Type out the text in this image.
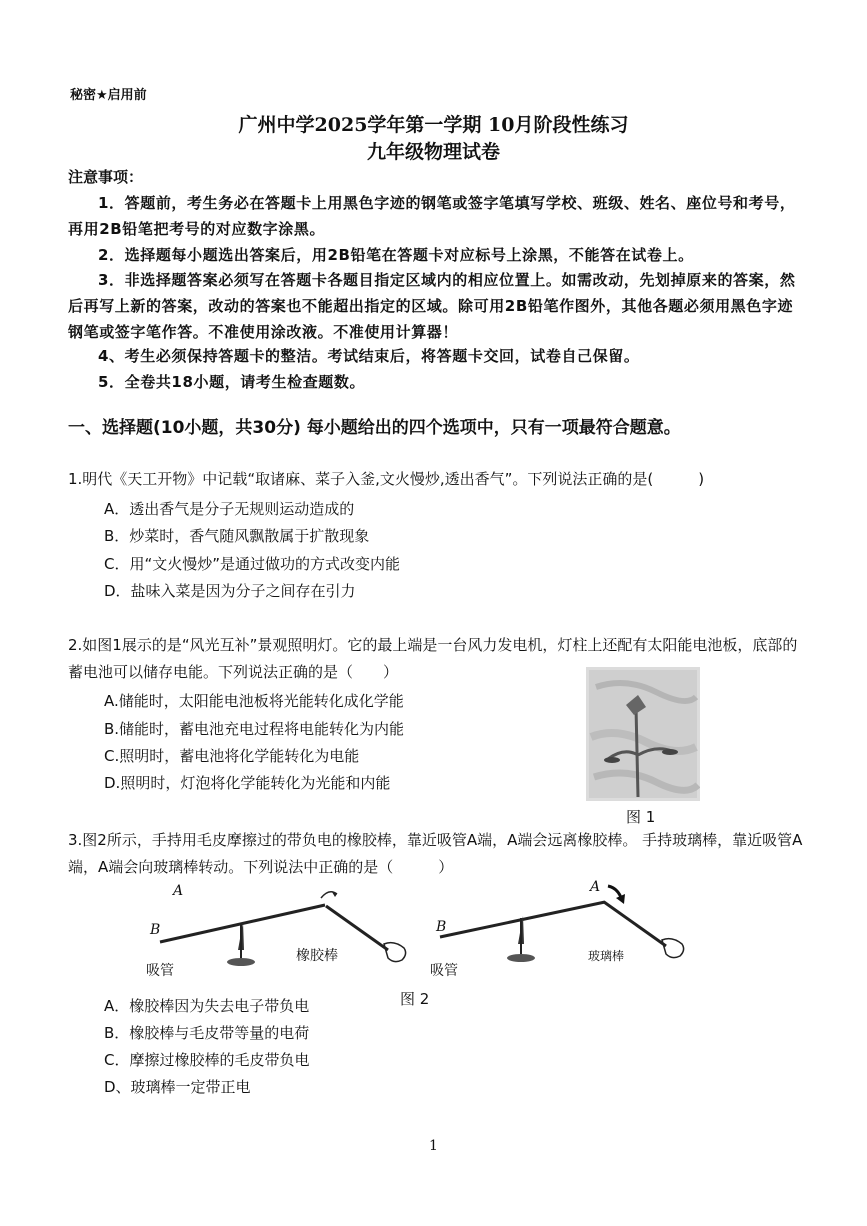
秘密★启用前
广州中学2025学年第一学期 10月阶段性练习
九年级物理试卷
注意事项：
1．答题前，考生务必在答题卡上用黑色字迹的钢笔或签字笔填写学校、班级、姓名、座位号和考号，再用2B铅笔把考号的对应数字涂黑。
2．选择题每小题选出答案后，用2B铅笔在答题卡对应标号上涂黑，不能答在试卷上。
3．非选择题答案必须写在答题卡各题目指定区域内的相应位置上。如需改动，先划掉原来的答案，然后再写上新的答案，改动的答案也不能超出指定的区域。除可用2B铅笔作图外，其他各题必须用黑色字迹钢笔或签字笔作答。不准使用涂改液。不准使用计算器！
4、考生必须保持答题卡的整洁。考试结束后，将答题卡交回，试卷自己保留。
5．全卷共18小题，请考生检查题数。
一、选择题(10小题，共30分) 每小题给出的四个选项中，只有一项最符合题意。
1.明代《天工开物》中记载“取诸麻、菜子入釜,文火慢炒,透出香气”。下列说法正确的是(　　　)
A．透出香气是分子无规则运动造成的
B．炒菜时，香气随风飘散属于扩散现象
C．用“文火慢炒”是通过做功的方式改变内能
D．盐味入菜是因为分子之间存在引力
2.如图1展示的是“风光互补”景观照明灯。它的最上端是一台风力发电机，灯柱上还配有太阳能电池板，底部的蓄电池可以储存电能。下列说法正确的是（　　）
A.储能时，太阳能电池板将光能转化成化学能
B.储能时，蓄电池充电过程将电能转化为内能
C.照明时，蓄电池将化学能转化为电能
D.照明时，灯泡将化学能转化为光能和内能
图 1
3.图2所示，手持用毛皮摩擦过的带负电的橡胶棒，靠近吸管A端，A端会远离橡胶棒。 手持玻璃棒，靠近吸管A端，A端会向玻璃棒转动。下列说法中正确的是（　　　）
A
B
A
B
吸管
橡胶棒
吸管
玻璃棒
图 2
A．橡胶棒因为失去电子带负电
B．橡胶棒与毛皮带等量的电荷
C．摩擦过橡胶棒的毛皮带负电
D、玻璃棒一定带正电
1
